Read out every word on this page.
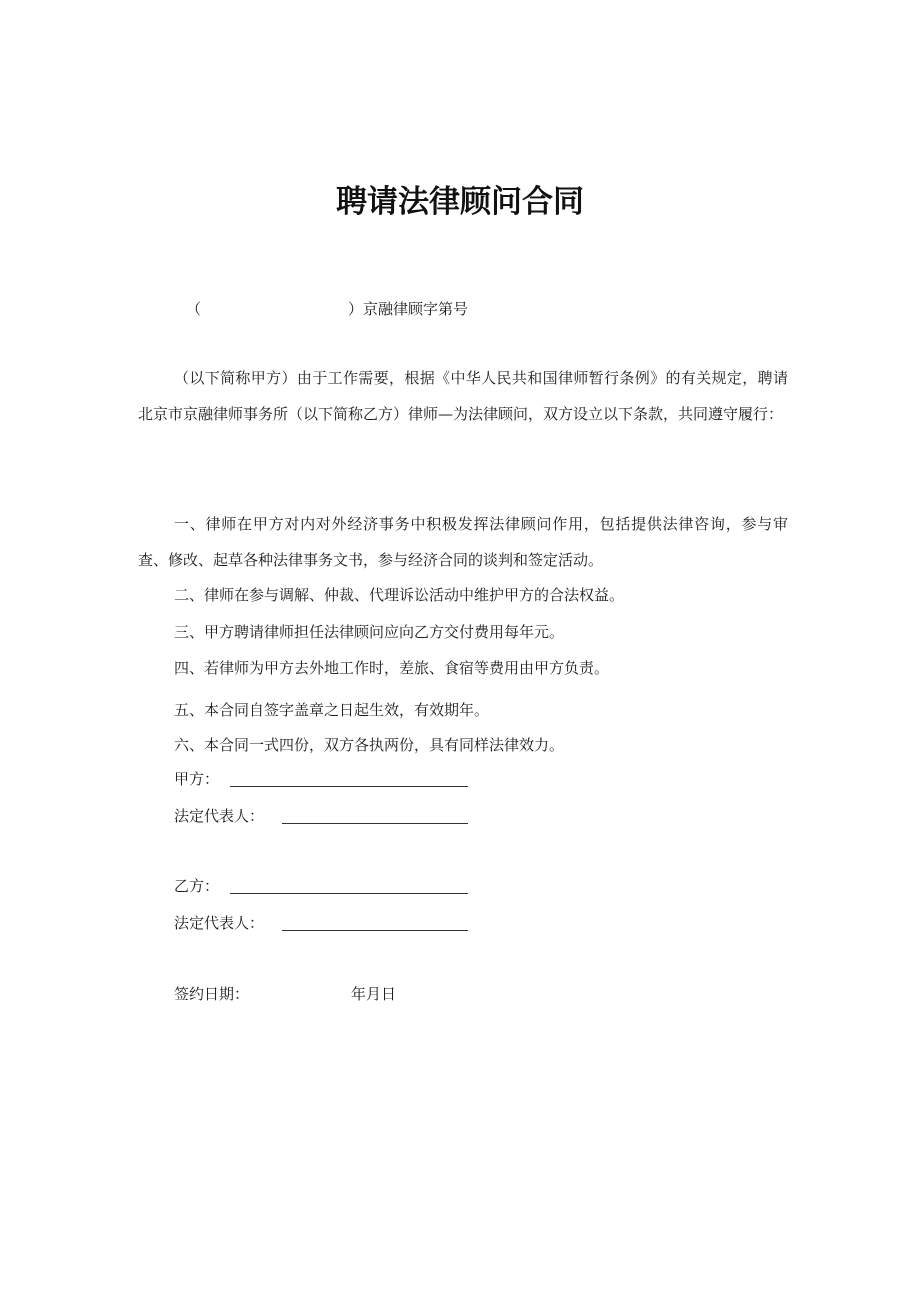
聘请法律顾问合同
（	）京融律顾字第号
（以下简称甲方）由于工作需要，根据《中华人民共和国律师暂行条例》的有关规定，聘请北京市京融律师事务所（以下简称乙方）律师—为法律顾问，双方设立以下条款，共同遵守履行：
一、律师在甲方对内对外经济事务中积极发挥法律顾问作用，包括提供法律咨询，参与审查、修改、起草各种法律事务文书，参与经济合同的谈判和签定活动。
二、律师在参与调解、仲裁、代理诉讼活动中维护甲方的合法权益。
三、甲方聘请律师担任法律顾问应向乙方交付费用每年元。
四、若律师为甲方去外地工作时，差旅、食宿等费用由甲方负责。
五、本合同自签字盖章之日起生效，有效期年。
六、本合同一式四份，双方各执两份，具有同样法律效力。
甲方：
法定代表人：
乙方：
法定代表人：
签约日期：	年月日
